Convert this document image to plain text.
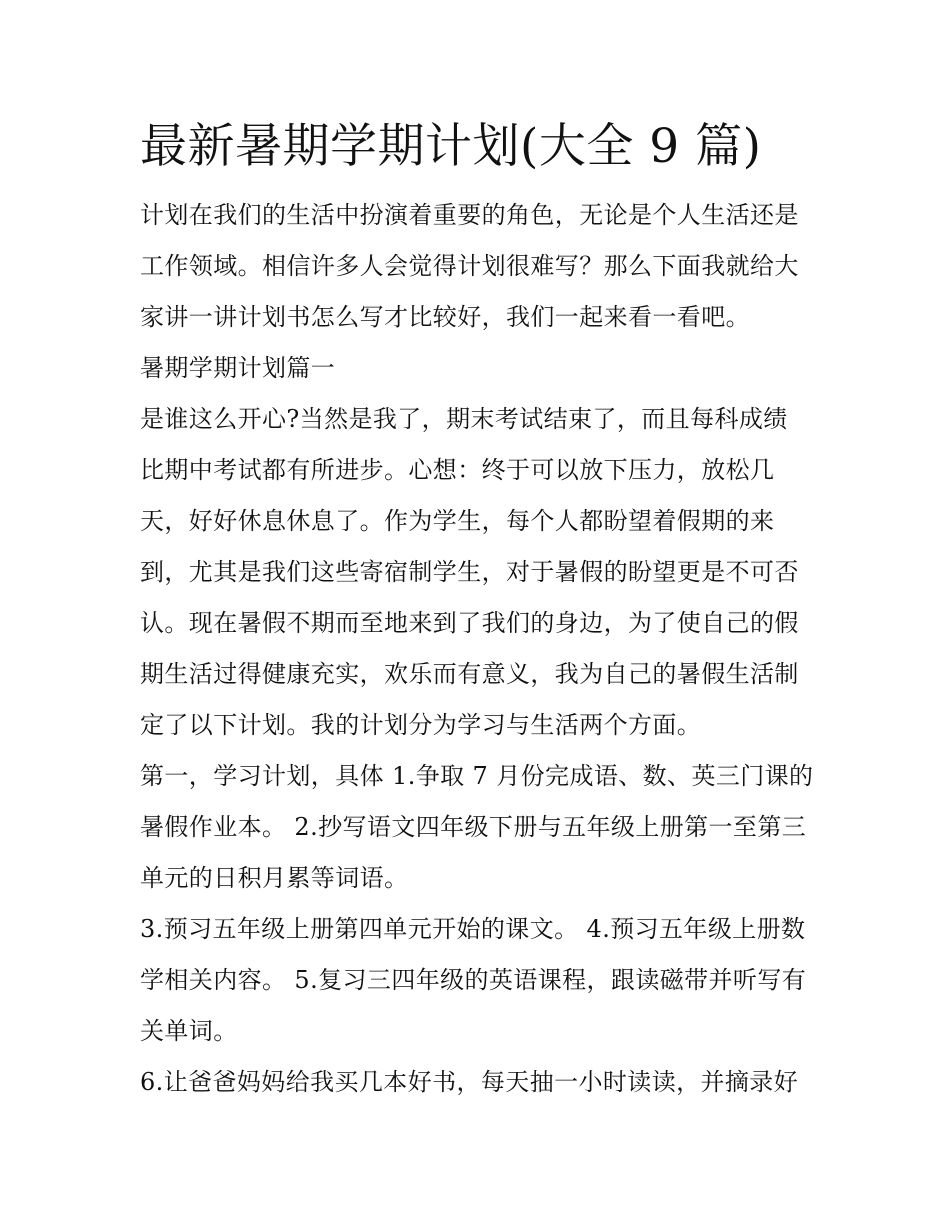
最新暑期学期计划(大全 9 篇)
计划在我们的生活中扮演着重要的角色，无论是个人生活还是
工作领域。相信许多人会觉得计划很难写？那么下面我就给大
家讲一讲计划书怎么写才比较好，我们一起来看一看吧。
暑期学期计划篇一
是谁这么开心?当然是我了，期末考试结束了，而且每科成绩
比期中考试都有所进步。心想：终于可以放下压力，放松几
天，好好休息休息了。作为学生，每个人都盼望着假期的来
到，尤其是我们这些寄宿制学生，对于暑假的盼望更是不可否
认。现在暑假不期而至地来到了我们的身边，为了使自己的假
期生活过得健康充实，欢乐而有意义，我为自己的暑假生活制
定了以下计划。我的计划分为学习与生活两个方面。
第一，学习计划，具体 1.争取 7 月份完成语、数、英三门课的
暑假作业本。 2.抄写语文四年级下册与五年级上册第一至第三
单元的日积月累等词语。
3.预习五年级上册第四单元开始的课文。 4.预习五年级上册数
学相关内容。 5.复习三四年级的英语课程，跟读磁带并听写有
关单词。
6.让爸爸妈妈给我买几本好书，每天抽一小时读读，并摘录好
